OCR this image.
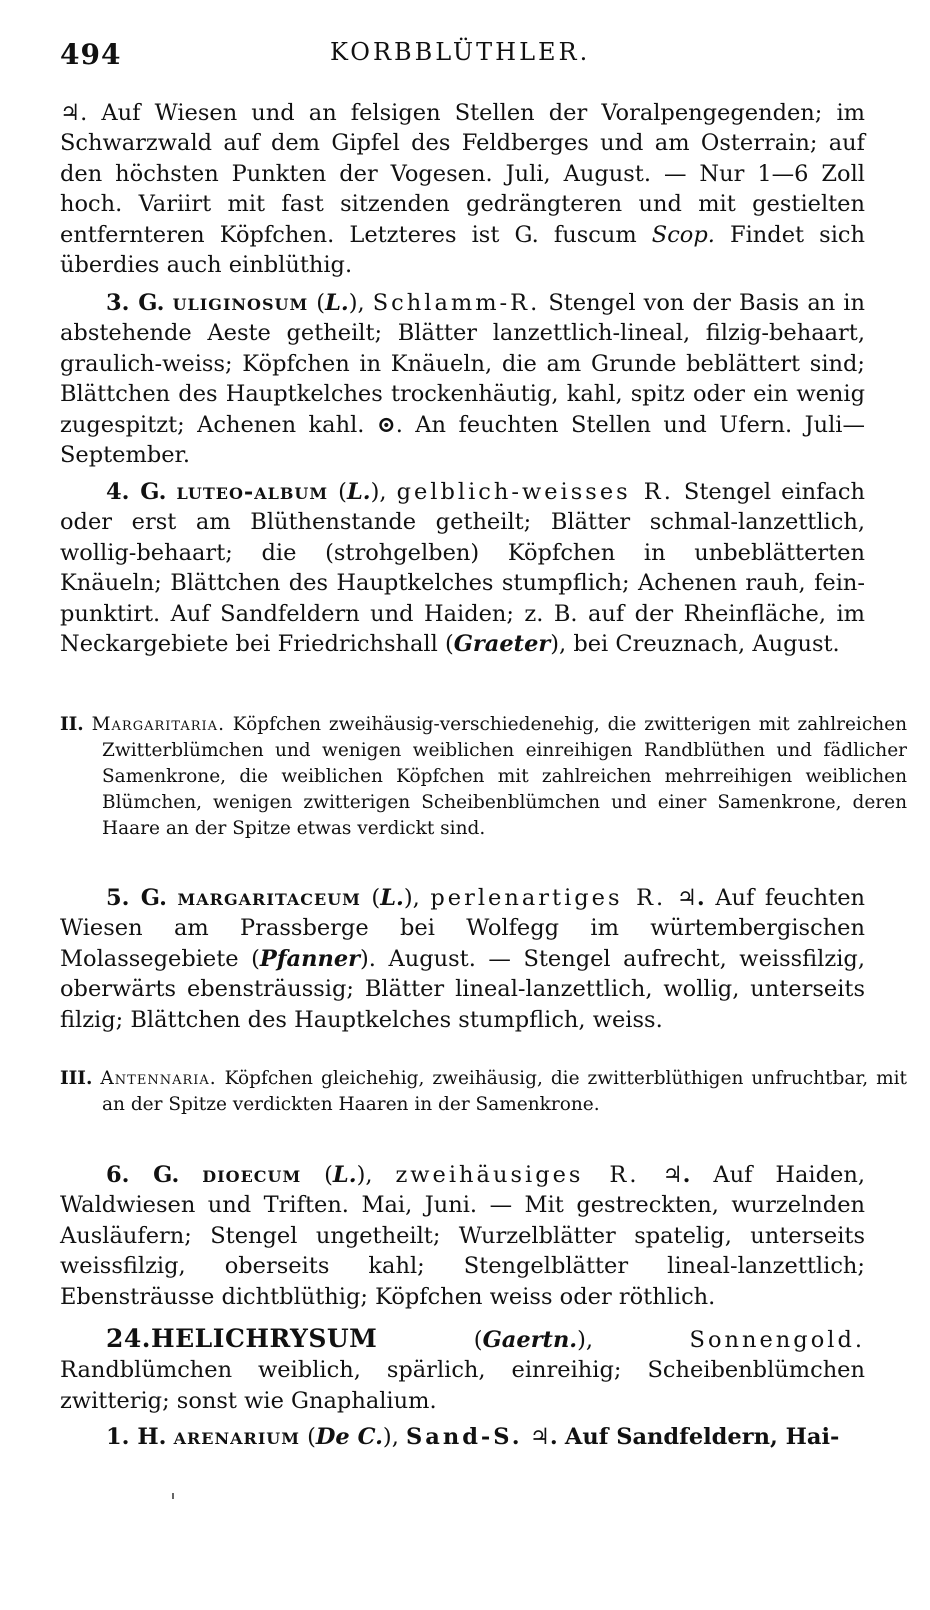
494	KORBBLÜTHLER.

♃. Auf Wiesen und an felsigen Stellen der Voralpengegenden; im Schwarzwald auf dem Gipfel des Feldberges und am Osterrain; auf den höchsten Punkten der Vogesen. Juli, August. — Nur 1—6 Zoll hoch. Variirt mit fast sitzenden gedrängteren und mit gestielten entfernteren Köpfchen. Letzteres ist G. fuscum Scop. Findet sich überdies auch einblüthig.

3. G. uliginosum (L.), Schlamm-R. Stengel von der Basis an in abstehende Aeste getheilt; Blätter lanzettlich-lineal, filzig-behaart, graulich-weiss; Köpfchen in Knäueln, die am Grunde beblättert sind; Blättchen des Hauptkelches trockenhäutig, kahl, spitz oder ein wenig zugespitzt; Achenen kahl. ⊙. An feuchten Stellen und Ufern. Juli—September.

4. G. luteo-album (L.), gelblich-weisses R. Stengel einfach oder erst am Blüthenstande getheilt; Blätter schmal-lanzettlich, wollig-behaart; die (strohgelben) Köpfchen in unbeblätterten Knäueln; Blättchen des Hauptkelches stumpflich; Achenen rauh, fein-punktirt. Auf Sandfeldern und Haiden; z. B. auf der Rheinfläche, im Neckargebiete bei Friedrichshall (Graeter), bei Creuznach, August.

II. Margaritaria. Köpfchen zweihäusig-verschiedenehig, die zwitterigen mit zahlreichen Zwitterblümchen und wenigen weiblichen einreihigen Randblüthen und fädlicher Samenkrone, die weiblichen Köpfchen mit zahlreichen mehrreihigen weiblichen Blümchen, wenigen zwitterigen Scheibenblümchen und einer Samenkrone, deren Haare an der Spitze etwas verdickt sind.

5. G. margaritaceum (L.), perlenartiges R. ♃. Auf feuchten Wiesen am Prassberge bei Wolfegg im würtembergischen Molassegebiete (Pfanner). August. — Stengel aufrecht, weissfilzig, oberwärts ebensträussig; Blätter lineal-lanzettlich, wollig, unterseits filzig; Blättchen des Hauptkelches stumpflich, weiss.

III. Antennaria. Köpfchen gleichehig, zweihäusig, die zwitterblüthigen unfruchtbar, mit an der Spitze verdickten Haaren in der Samenkrone.

6. G. dioecum (L.), zweihäusiges R. ♃. Auf Haiden, Waldwiesen und Triften. Mai, Juni. — Mit gestreckten, wurzelnden Ausläufern; Stengel ungetheilt; Wurzelblätter spatelig, unterseits weissfilzig, oberseits kahl; Stengelblätter lineal-lanzettlich; Ebensträusse dichtblüthig; Köpfchen weiss oder röthlich.

24.HELICHRYSUM (Gaertn.), Sonnengold. Randblümchen weiblich, spärlich, einreihig; Scheibenblümchen zwitterig; sonst wie Gnaphalium.

1. H. arenarium (De C.), Sand-S. ♃. Auf Sandfeldern, Hai-
